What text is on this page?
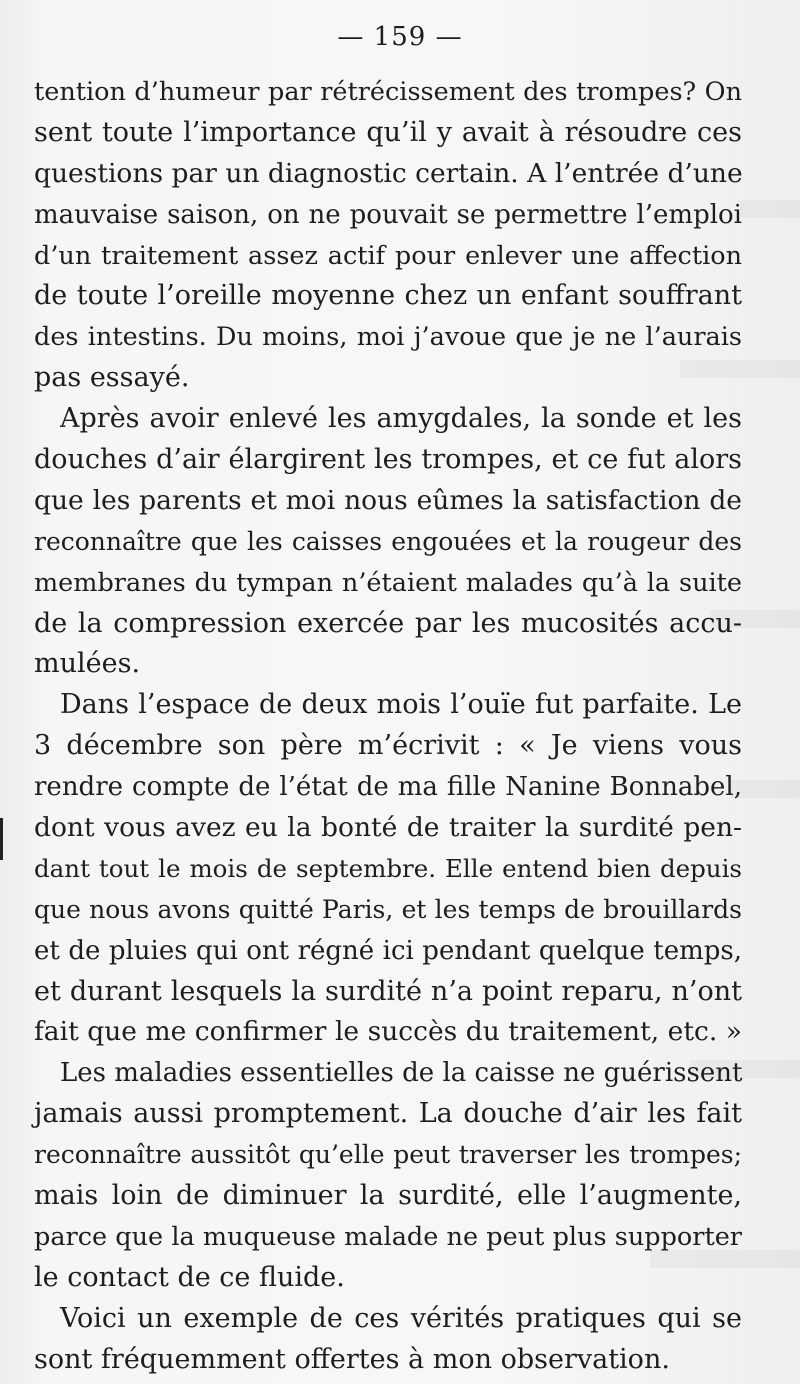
— 159 —
tention d’humeur par rétrécissement des trompes? On
sent toute l’importance qu’il y avait à résoudre ces
questions par un diagnostic certain. A l’entrée d’une
mauvaise saison, on ne pouvait se permettre l’emploi
d’un traitement assez actif pour enlever une affection
de toute l’oreille moyenne chez un enfant souffrant
des intestins. Du moins, moi j’avoue que je ne l’aurais
pas essayé.
Après avoir enlevé les amygdales, la sonde et les
douches d’air élargirent les trompes, et ce fut alors
que les parents et moi nous eûmes la satisfaction de
reconnaître que les caisses engouées et la rougeur des
membranes du tympan n’étaient malades qu’à la suite
de la compression exercée par les mucosités accu-
mulées.
Dans l’espace de deux mois l’ouïe fut parfaite. Le
3 décembre son père m’écrivit : « Je viens vous
rendre compte de l’état de ma fille Nanine Bonnabel,
dont vous avez eu la bonté de traiter la surdité pen-
dant tout le mois de septembre. Elle entend bien depuis
que nous avons quitté Paris, et les temps de brouillards
et de pluies qui ont régné ici pendant quelque temps,
et durant lesquels la surdité n’a point reparu, n’ont
fait que me confirmer le succès du traitement, etc. »
Les maladies essentielles de la caisse ne guérissent
jamais aussi promptement. La douche d’air les fait
reconnaître aussitôt qu’elle peut traverser les trompes;
mais loin de diminuer la surdité, elle l’augmente,
parce que la muqueuse malade ne peut plus supporter
le contact de ce fluide.
Voici un exemple de ces vérités pratiques qui se
sont fréquemment offertes à mon observation.
